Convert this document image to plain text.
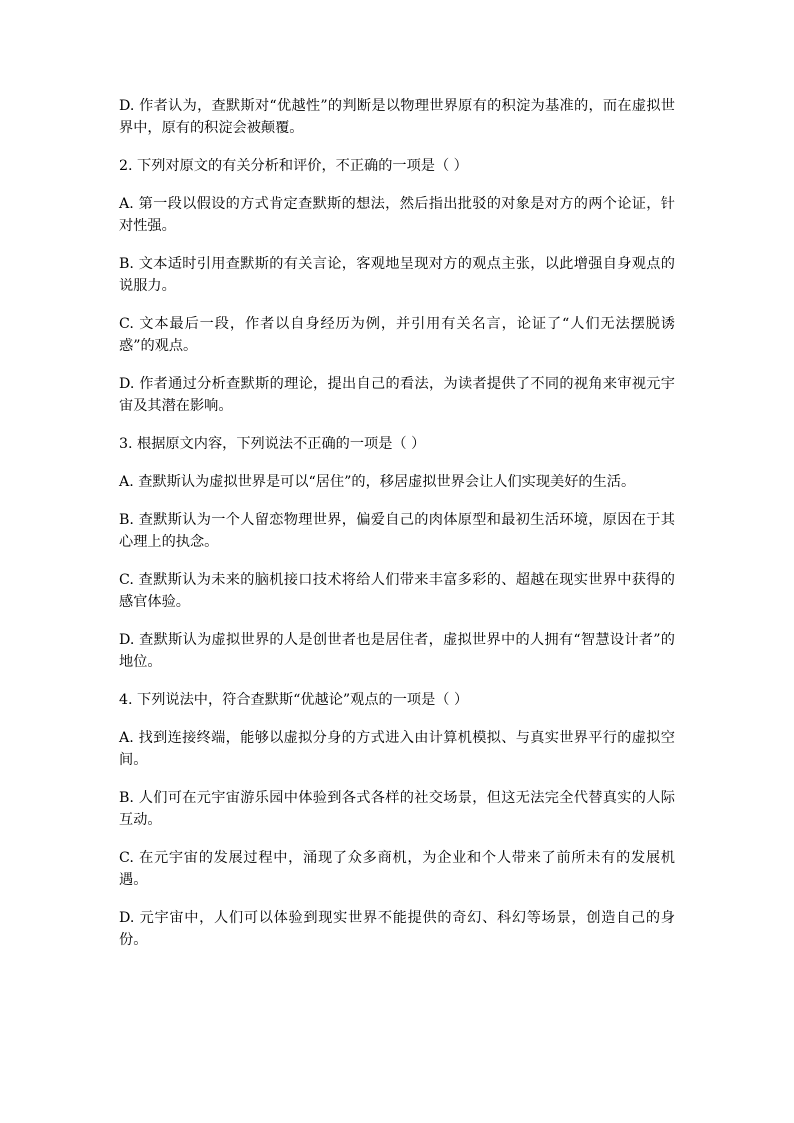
D. 作者认为，查默斯对“优越性”的判断是以物理世界原有的积淀为基准的，而在虚拟世界中，原有的积淀会被颠覆。

2. 下列对原文的有关分析和评价，不正确的一项是（ ）

A. 第一段以假设的方式肯定查默斯的想法，然后指出批驳的对象是对方的两个论证，针对性强。

B. 文本适时引用查默斯的有关言论，客观地呈现对方的观点主张，以此增强自身观点的说服力。

C. 文本最后一段，作者以自身经历为例，并引用有关名言，论证了“人们无法摆脱诱惑”的观点。

D. 作者通过分析查默斯的理论，提出自己的看法，为读者提供了不同的视角来审视元宇宙及其潜在影响。

3. 根据原文内容，下列说法不正确的一项是（ ）

A. 查默斯认为虚拟世界是可以“居住”的，移居虚拟世界会让人们实现美好的生活。

B. 查默斯认为一个人留恋物理世界，偏爱自己的肉体原型和最初生活环境，原因在于其心理上的执念。

C. 查默斯认为未来的脑机接口技术将给人们带来丰富多彩的、超越在现实世界中获得的感官体验。

D. 查默斯认为虚拟世界的人是创世者也是居住者，虚拟世界中的人拥有“智慧设计者”的地位。

4. 下列说法中，符合查默斯“优越论”观点的一项是（ ）

A. 找到连接终端，能够以虚拟分身的方式进入由计算机模拟、与真实世界平行的虚拟空间。

B. 人们可在元宇宙游乐园中体验到各式各样的社交场景，但这无法完全代替真实的人际互动。

C. 在元宇宙的发展过程中，涌现了众多商机，为企业和个人带来了前所未有的发展机遇。

D. 元宇宙中，人们可以体验到现实世界不能提供的奇幻、科幻等场景，创造自己的身份。
